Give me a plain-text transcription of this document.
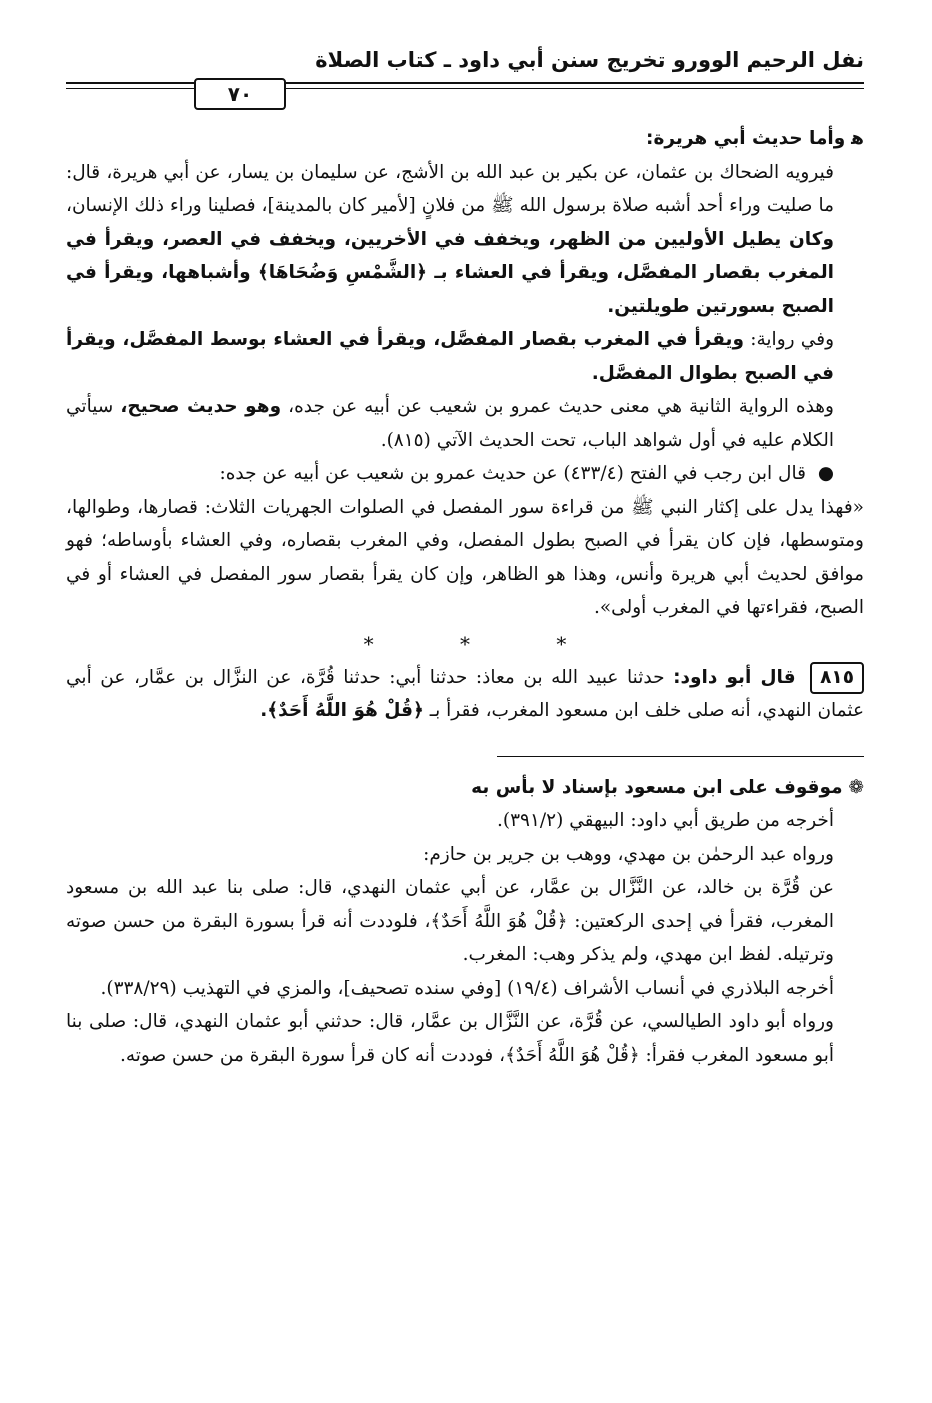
نفل الرحيم الوورو تخريج سنن أبي داود ـ كتاب الصلاة
٧٠

ﻫ وأما حديث أبي هريرة:

فيرويه الضحاك بن عثمان، عن بكير بن عبد الله بن الأشج، عن سليمان بن يسار، عن أبي هريرة، قال: ما صليت وراء أحد أشبه صلاة برسول الله ﷺ من فلانٍ [لأمير كان بالمدينة]، فصلينا وراء ذلك الإنسان، وكان يطيل الأوليين من الظهر، ويخفف في الأخريين، ويخفف في العصر، ويقرأ في المغرب بقصار المفصَّل، ويقرأ في العشاء بـ ﴿الشَّمْسِ وَضُحَاهَا﴾ وأشباهها، ويقرأ في الصبح بسورتين طويلتين.

وفي رواية: ويقرأ في المغرب بقصار المفصَّل، ويقرأ في العشاء بوسط المفصَّل، ويقرأ في الصبح بطوال المفصَّل.

وهذه الرواية الثانية هي معنى حديث عمرو بن شعيب عن أبيه عن جده، وهو حديث صحيح، سيأتي الكلام عليه في أول شواهد الباب، تحت الحديث الآتي (٨١٥).

● قال ابن رجب في الفتح (٤٣٣/٤) عن حديث عمرو بن شعيب عن أبيه عن جده:

«فهذا يدل على إكثار النبي ﷺ من قراءة سور المفصل في الصلوات الجهريات الثلاث: قصارها، وطوالها، ومتوسطها، فإن كان يقرأ في الصبح بطول المفصل، وفي المغرب بقصاره، وفي العشاء بأوساطه؛ فهو موافق لحديث أبي هريرة وأنس، وهذا هو الظاهر، وإن كان يقرأ بقصار سور المفصل في العشاء أو في الصبح، فقراءتها في المغرب أولى».

* * *

٨١٥ قال أبو داود: حدثنا عبيد الله بن معاذ: حدثنا أبي: حدثنا قُرَّة، عن النزَّال بن عمَّار، عن أبي عثمان النهدي، أنه صلى خلف ابن مسعود المغرب، فقرأ بـ ﴿قُلْ هُوَ اللَّهُ أَحَدٌ﴾.

❁ موقوف على ابن مسعود بإسناد لا بأس به

أخرجه من طريق أبي داود: البيهقي (٣٩١/٢).

ورواه عبد الرحمٰن بن مهدي، ووهب بن جرير بن حازم:

عن قُرَّة بن خالد، عن النَّزَّال بن عمَّار، عن أبي عثمان النهدي، قال: صلى بنا عبد الله بن مسعود المغرب، فقرأ في إحدى الركعتين: ﴿قُلْ هُوَ اللَّهُ أَحَدٌ﴾، فلوددت أنه قرأ بسورة البقرة من حسن صوته وترتيله. لفظ ابن مهدي، ولم يذكر وهب: المغرب.

أخرجه البلاذري في أنساب الأشراف (١٩/٤) [وفي سنده تصحيف]، والمزي في التهذيب (٣٣٨/٢٩).

ورواه أبو داود الطيالسي، عن قُرَّة، عن النَّزَّال بن عمَّار، قال: حدثني أبو عثمان النهدي، قال: صلى بنا أبو مسعود المغرب فقرأ: ﴿قُلْ هُوَ اللَّهُ أَحَدٌ﴾، فوددت أنه كان قرأ سورة البقرة من حسن صوته.
